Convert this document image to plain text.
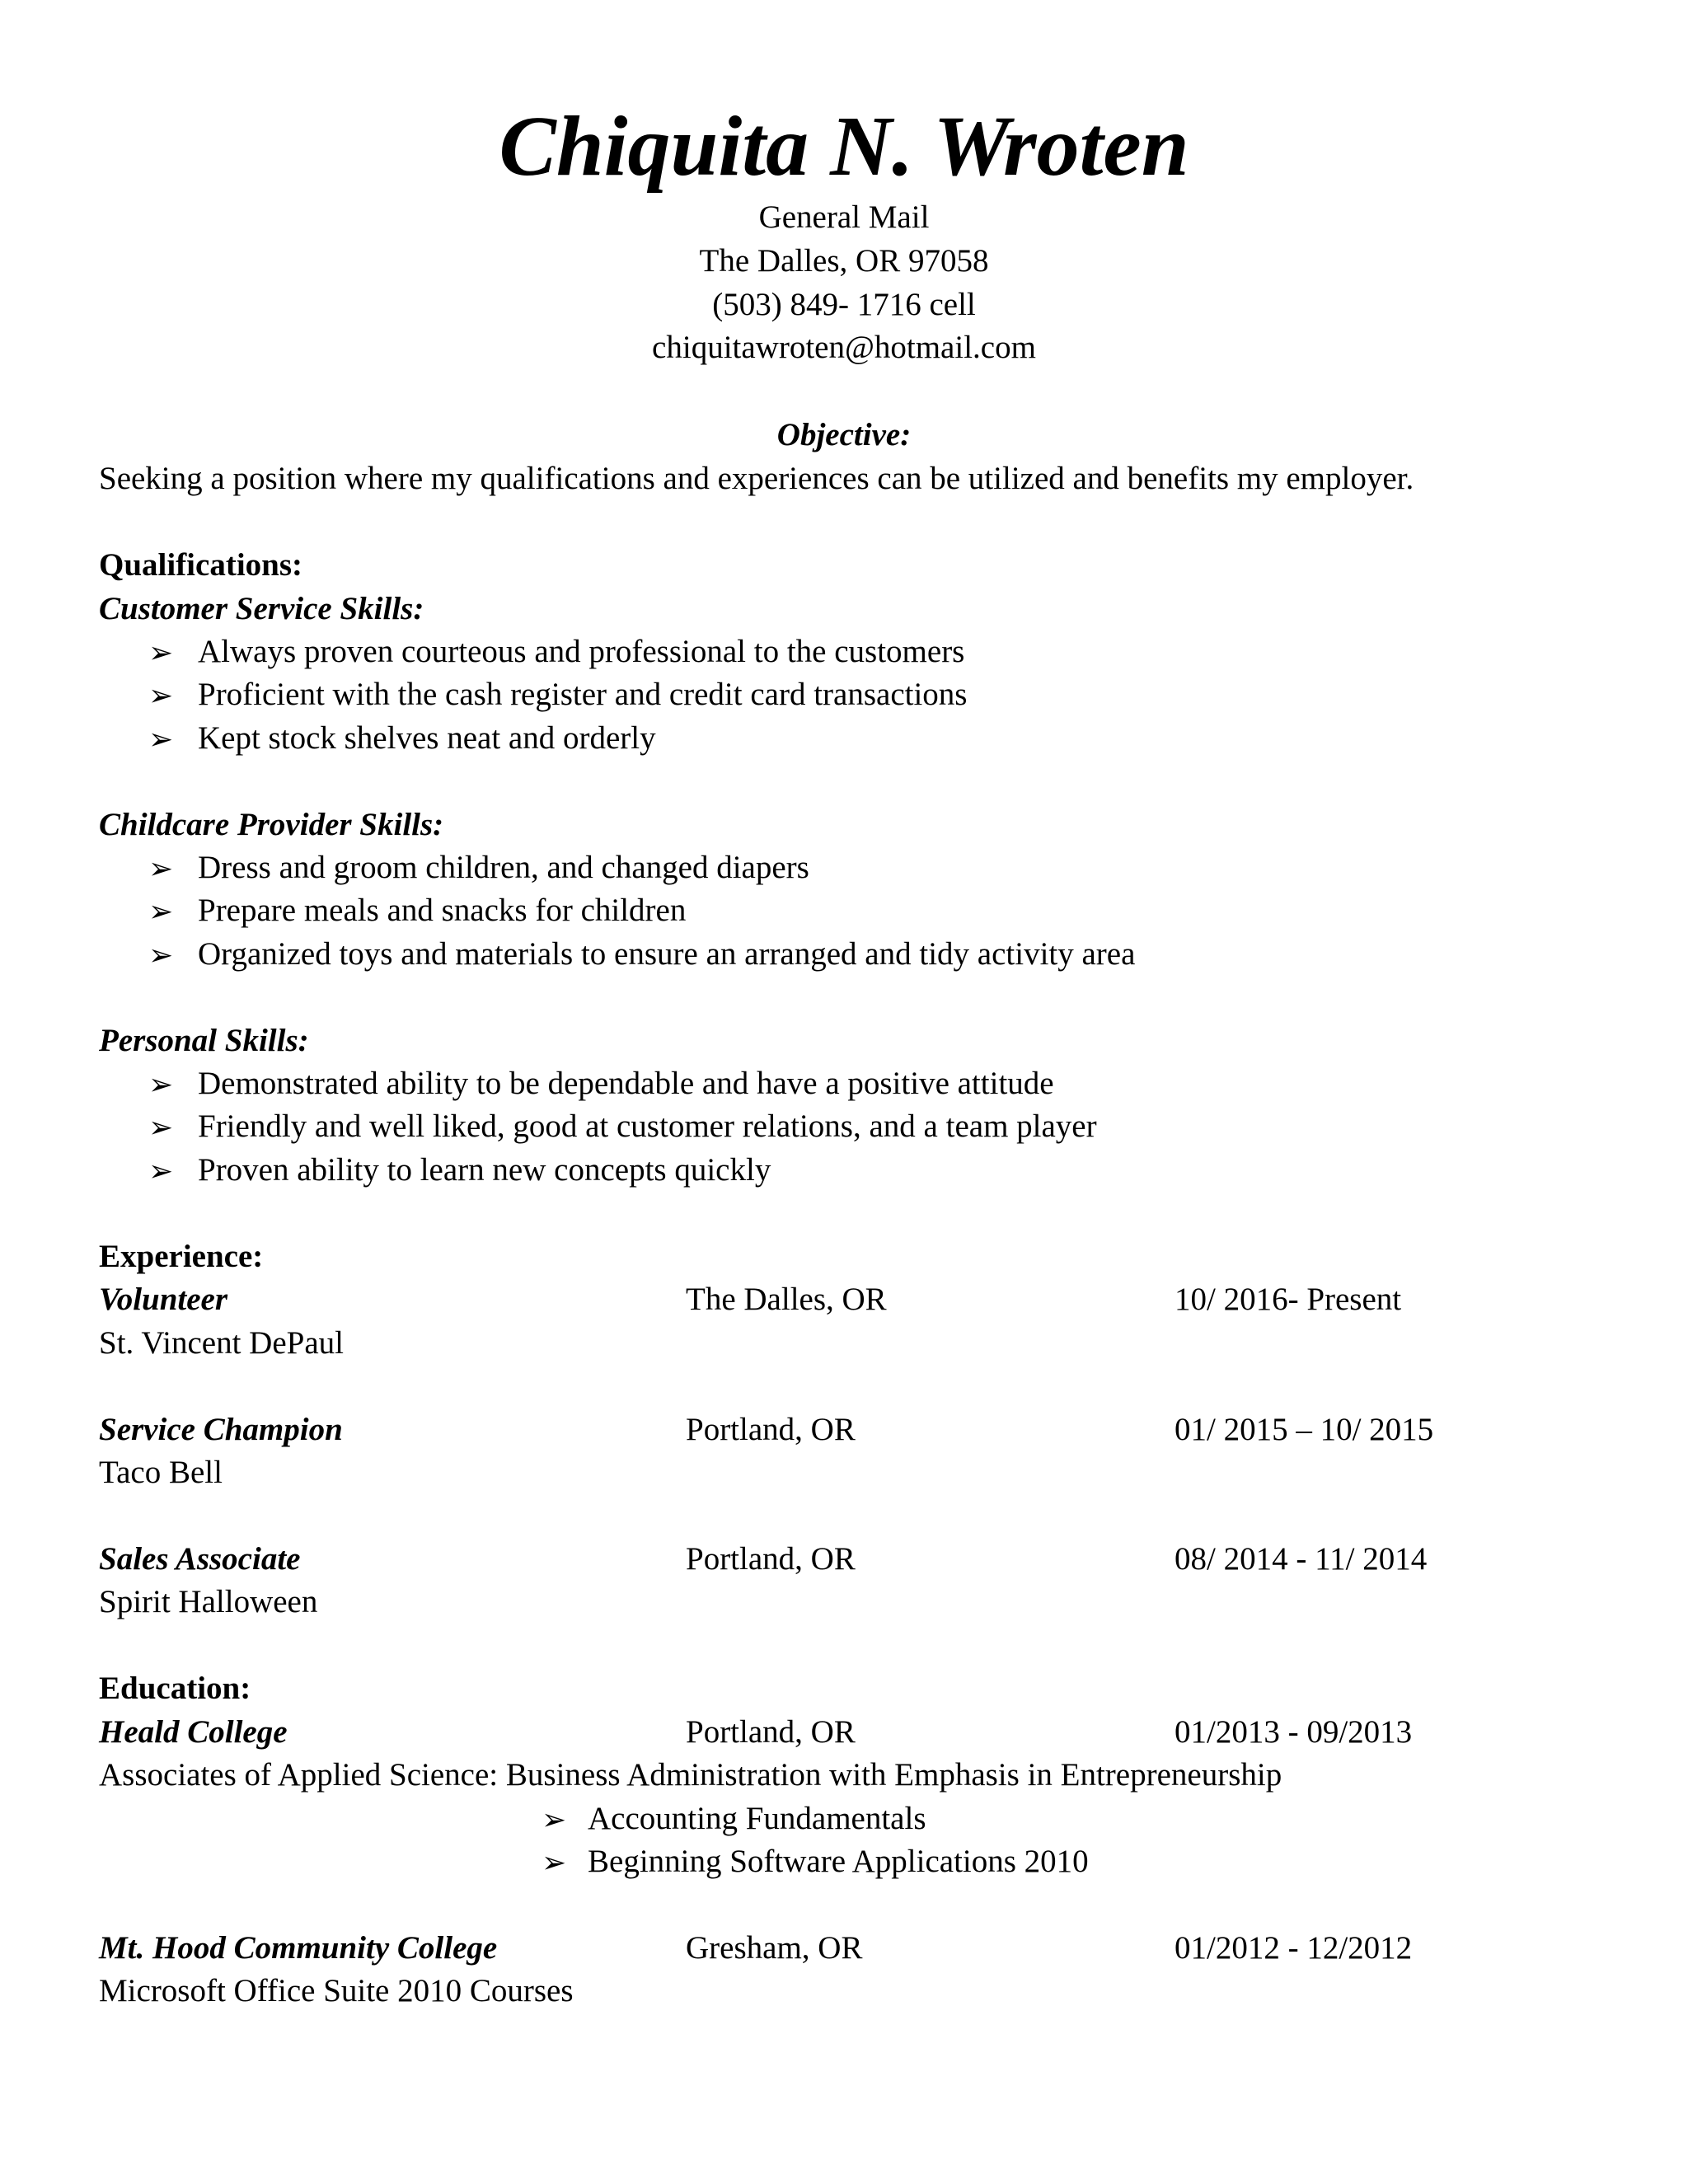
Chiquita N. Wroten
General Mail
The Dalles, OR 97058
(503) 849- 1716 cell
chiquitawroten@hotmail.com
Objective:
Seeking a position where my qualifications and experiences can be utilized and benefits my employer.
Qualifications:
Customer Service Skills:
➢ Always proven courteous and professional to the customers
➢ Proficient with the cash register and credit card transactions
➢ Kept stock shelves neat and orderly
Childcare Provider Skills:
➢ Dress and groom children, and changed diapers
➢ Prepare meals and snacks for children
➢ Organized toys and materials to ensure an arranged and tidy activity area
Personal Skills:
➢ Demonstrated ability to be dependable and have a positive attitude
➢ Friendly and well liked, good at customer relations, and a team player
➢ Proven ability to learn new concepts quickly
Experience:
Volunteer	The Dalles, OR	10/ 2016- Present
St. Vincent DePaul
Service Champion	Portland, OR	01/ 2015 – 10/ 2015
Taco Bell
Sales Associate	Portland, OR	08/ 2014 - 11/ 2014
Spirit Halloween
Education:
Heald College	Portland, OR	01/2013 - 09/2013
Associates of Applied Science: Business Administration with Emphasis in Entrepreneurship
➢ Accounting Fundamentals
➢ Beginning Software Applications 2010
Mt. Hood Community College	Gresham, OR	01/2012 - 12/2012
Microsoft Office Suite 2010 Courses
